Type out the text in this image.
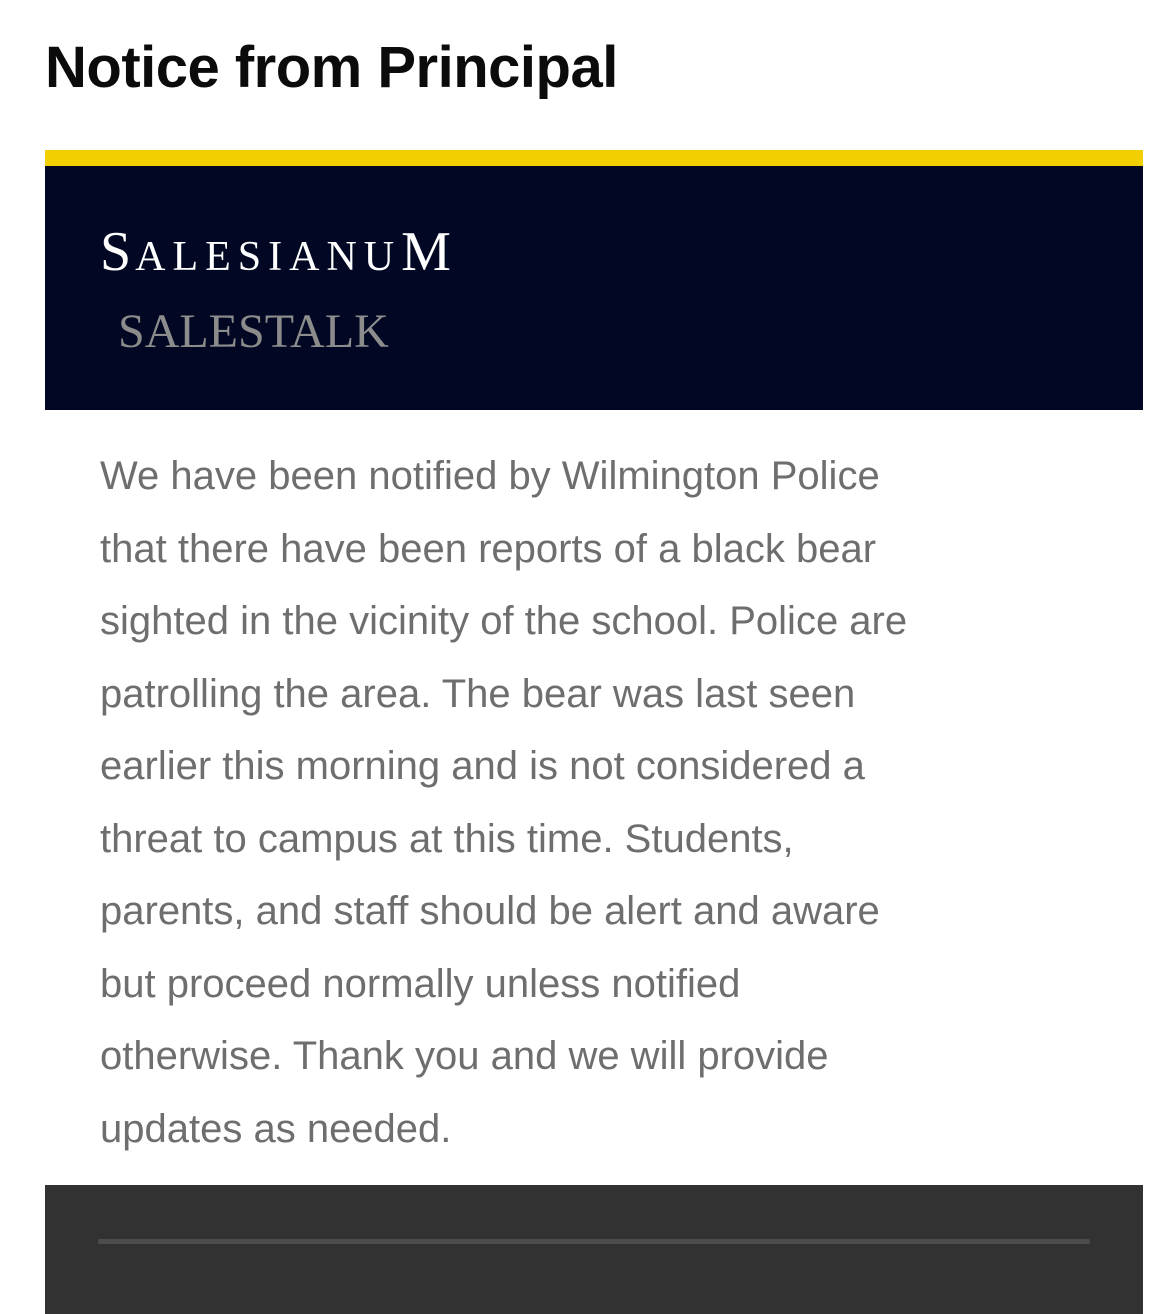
Notice from Principal
SALESIANUM
SALESTALK

We have been notified by Wilmington Police
that there have been reports of a black bear
sighted in the vicinity of the school. Police are
patrolling the area. The bear was last seen
earlier this morning and is not considered a
threat to campus at this time. Students,
parents, and staff should be alert and aware
but proceed normally unless notified
otherwise. Thank you and we will provide
updates as needed.
